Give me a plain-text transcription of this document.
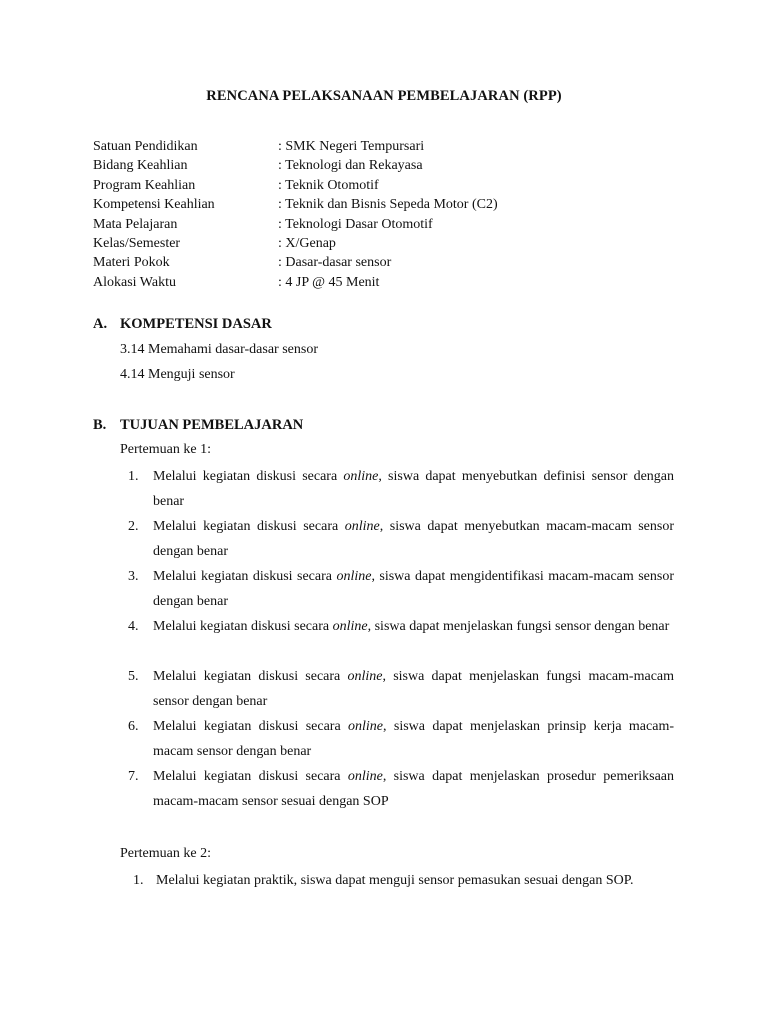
RENCANA PELAKSANAAN PEMBELAJARAN (RPP)
Satuan Pendidikan	: SMK Negeri Tempursari
Bidang Keahlian	: Teknologi dan Rekayasa
Program Keahlian	: Teknik Otomotif
Kompetensi Keahlian	: Teknik dan Bisnis Sepeda Motor (C2)
Mata Pelajaran	: Teknologi Dasar Otomotif
Kelas/Semester	: X/Genap
Materi Pokok	: Dasar-dasar sensor
Alokasi Waktu	: 4 JP @ 45 Menit
A. KOMPETENSI DASAR
3.14 Memahami dasar-dasar sensor
4.14 Menguji sensor
B. TUJUAN PEMBELAJARAN
Pertemuan ke 1:
1. Melalui kegiatan diskusi secara online, siswa dapat menyebutkan definisi sensor dengan benar
2. Melalui kegiatan diskusi secara online, siswa dapat menyebutkan macam-macam sensor dengan benar
3. Melalui kegiatan diskusi secara online, siswa dapat mengidentifikasi macam-macam sensor dengan benar
4. Melalui kegiatan diskusi secara online, siswa dapat menjelaskan fungsi sensor dengan benar
5. Melalui kegiatan diskusi secara online, siswa dapat menjelaskan fungsi macam-macam sensor dengan benar
6. Melalui kegiatan diskusi secara online, siswa dapat menjelaskan prinsip kerja macam-macam sensor dengan benar
7. Melalui kegiatan diskusi secara online, siswa dapat menjelaskan prosedur pemeriksaan macam-macam sensor sesuai dengan SOP
Pertemuan ke 2:
1. Melalui kegiatan praktik, siswa dapat menguji sensor pemasukan sesuai dengan SOP.
